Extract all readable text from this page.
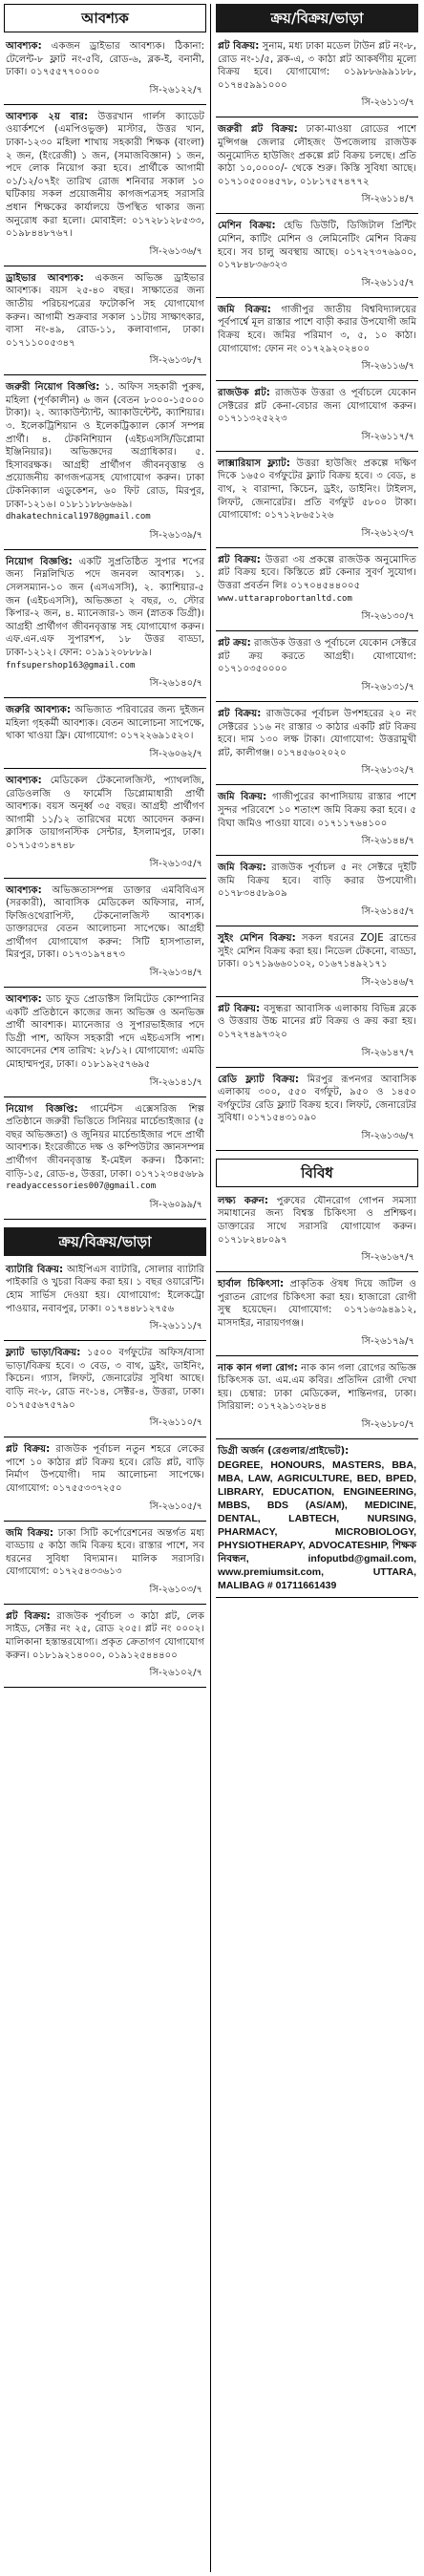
আবশ্যক
আবশ্যক: একজন ড্রাইভার আবশ্যক। ঠিকানা: টেলেন্ট-৮ ফ্লাট নং-৫বি, রোড-৬, ব্লক-ই, বনানী, ঢাকা। ০১৭৫৫৭৭০০০০
সি-২৬১২২/৭
আবশ্যক ২য় বার: উত্তরখান গার্লস ক্যাডেট ওয়ার্কশপে (এমপিওভুক্ত) মাস্টার, উত্তর খান, ঢাকা-১২৩০ মহিলা শাখায় সহকারী শিক্ষক (বাংলা) ২ জন, (ইংরেজী) ১ জন, (সমাজবিজ্ঞান) ১ জন, পদে লোক নিয়োগ করা হবে। প্রার্থীকে আগামী ০১/১২/০৭ইং তারিখ রোজ শনিবার সকাল ১০ ঘটিকায় সকল প্রয়োজনীয় কাগজপত্রসহ সরাসরি প্রধান শিক্ষকের কার্যালয়ে উপস্থিত থাকার জন্য অনুরোধ করা হলো। মোবাইল: ০১৭২৮১২৮৫৩৩, ০১৯৮৪৪৮৭৬৭।
সি-২৬১৩৬/৭
ড্রাইভার আবশ্যক: একজন অভিজ্ঞ ড্রাইভার আবশ্যক। বয়স ২৫-৪০ বছর। সাক্ষাতের জন্য জাতীয় পরিচয়পত্রের ফটোকপি সহ যোগাযোগ করুন। আগামী শুক্রবার সকাল ১১টায় সাক্ষাৎকার, বাসা নং-৪৯, রোড-১১, কলাবাগান, ঢাকা। ০১৭১১০০৫৩৪৭
সি-২৬১৩৮/৭
জরুরী নিয়োগ বিজ্ঞপ্তি: ১. অফিস সহকারী পুরুষ, মহিলা (পূর্ণকালীন) ৬ জন (বেতন ৮০০০-১৫০০০ টাকা)। ২. অ্যাকাউন্ট্যান্ট, অ্যাকাউন্টেন্ট, ক্যাশিয়ার। ৩. ইলেকট্রিশিয়ান ও ইলেকট্রিক্যাল কোর্স সম্পন্ন প্রার্থী। ৪. টেকনিশিয়ান (এইচএসসি/ডিপ্লোমা ইঞ্জিনিয়ার)। অভিজ্ঞদের অগ্রাধিকার। ৫. হিসাবরক্ষক। আগ্রহী প্রার্থীগণ জীবনবৃত্তান্ত ও প্রয়োজনীয় কাগজপত্রসহ যোগাযোগ করুন। ঢাকা টেকনিক্যাল এডুকেশন, ৬০ ফিট রোড, মিরপুর, ঢাকা-১২১৬। ০১৮১১৮৮৬৬৬৯।
dhakatechnical1978@gmail.com
সি-২৬১৩৯/৭
নিয়োগ বিজ্ঞপ্তি: একটি সুপ্রতিষ্ঠিত সুপার শপের জন্য নিম্নলিখিত পদে জনবল আবশ্যক। ১. সেলসম্যান-১০ জন (এসএসসি), ২. ক্যাশিয়ার-৫ জন (এইচএসসি), অভিজ্ঞতা ২ বছর, ৩. স্টোর কিপার-২ জন, ৪. ম্যানেজার-১ জন (স্নাতক ডিগ্রী)। আগ্রহী প্রার্থীগণ জীবনবৃত্তান্ত সহ যোগাযোগ করুন। এফ.এন.এফ সুপারশপ, ১৮ উত্তর বাড্ডা, ঢাকা-১২১২। ফোন: ০১৯১২০৮৮৮৯।
fnfsupershop163@gmail.com
সি-২৬১৪০/৭
জরুরি আবশ্যক: অভিজাত পরিবারের জন্য দুইজন মহিলা গৃহকর্মী আবশ্যক। বেতন আলোচনা সাপেক্ষে, থাকা খাওয়া ফ্রি। যোগাযোগ: ০১৭২২৬৯১৫২০।
সি-২৬০৬২/৭
আবশ্যক: মেডিকেল টেকনোলজিস্ট, প্যাথলজি, রেডিওলজি ও ফার্মেসি ডিপ্লোমাধারী প্রার্থী আবশ্যক। বয়স অনূর্ধ্ব ৩৫ বছর। আগ্রহী প্রার্থীগণ আগামী ১১/১২ তারিখের মধ্যে আবেদন করুন। ক্লাসিক ডায়াগনস্টিক সেন্টার, ইসলামপুর, ঢাকা। ০১৭১৫৩১৪৭৪৮
সি-২৬১৩৫/৭
আবশ্যক: অভিজ্ঞতাসম্পন্ন ডাক্তার এমবিবিএস (সরকারী), আবাসিক মেডিকেল অফিসার, নার্স, ফিজিওথেরাপিস্ট, টেকনোলজিস্ট আবশ্যক। ডাক্তারদের বেতন আলোচনা সাপেক্ষে। আগ্রহী প্রার্থীগণ যোগাযোগ করুন: সিটি হাসপাতাল, মিরপুর, ঢাকা। ০১৭৩১৯৭৪৭৩
সি-২৬১৩৪/৭
আবশ্যক: ডাচ ফুড প্রোডাক্টস লিমিটেড কোম্পানির একটি প্রতিষ্ঠানে কাজের জন্য অভিজ্ঞ ও অনভিজ্ঞ প্রার্থী আবশ্যক। ম্যানেজার ও সুপারভাইজার পদে ডিগ্রী পাশ, অফিস সহকারী পদে এইচএসসি পাশ। আবেদনের শেষ তারিখ: ২৮/১২। যোগাযোগ: এমডি মোহাম্মদপুর, ঢাকা। ০১৮১৯২৫৭৬৯৫
সি-২৬১৪১/৭
নিয়োগ বিজ্ঞপ্তি: গার্মেন্টস এক্সেসরিজ শিল্প প্রতিষ্ঠানে জরুরী ভিত্তিতে সিনিয়র মার্চেন্ডাইজার (৫ বছর অভিজ্ঞতা) ও জুনিয়র মার্চেন্ডাইজার পদে প্রার্থী আবশ্যক। ইংরেজীতে দক্ষ ও কম্পিউটার জ্ঞানসম্পন্ন প্রার্থীগণ জীবনবৃত্তান্ত ই-মেইল করুন। ঠিকানা: বাড়ি-১৫, রোড-৪, উত্তরা, ঢাকা। ০১৭১২৩৪৫৬৮৯
readyaccessories007@gmail.com
সি-২৬০৯৯/৭
ক্রয়/বিক্রয়/ভাড়া
ব্যাটারি বিক্রয়: আইপিএস ব্যাটারি, সোলার ব্যাটারি পাইকারি ও খুচরা বিক্রয় করা হয়। ১ বছর ওয়ারেন্টি। হোম সার্ভিস দেওয়া হয়। যোগাযোগ: ইলেকট্রো পাওয়ার, নবাবপুর, ঢাকা। ০১৭৪৪৮১২৭৫৬
সি-২৬১১১/৭
ফ্ল্যাট ভাড়া/বিক্রয়: ১৫০০ বর্গফুটের অফিস/বাসা ভাড়া/বিক্রয় হবে। ৩ বেড, ৩ বাথ, ড্রইং, ডাইনিং, কিচেন। গ্যাস, লিফট, জেনারেটর সুবিধা আছে। বাড়ি নং-৮, রোড নং-১৪, সেক্টর-৪, উত্তরা, ঢাকা। ০১৭৫৫৬৭৫৭৯০
সি-২৬১১০/৭
প্লট বিক্রয়: রাজউক পূর্বাচল নতুন শহরে লেকের পাশে ১০ কাঠার প্লট বিক্রয় হবে। রেডি প্লট, বাড়ি নির্মাণ উপযোগী। দাম আলোচনা সাপেক্ষে। যোগাযোগ: ০১৭৫৫৩৩৭২৫০
সি-২৬১০৫/৭
জমি বিক্রয়: ঢাকা সিটি কর্পোরেশনের অন্তর্গত মধ্য বাড্ডায় ৫ কাঠা জমি বিক্রয় হবে। রাস্তার পাশে, সব ধরনের সুবিধা বিদ্যমান। মালিক সরাসরি। যোগাযোগ: ০১৭২৫৪৩৩৬১৩
সি-২৬১০৩/৭
প্লট বিক্রয়: রাজউক পূর্বাচল ৩ কাঠা প্লট, লেক সাইড, সেক্টর নং ২৫, রোড ২০৫। প্লট নং ০০০২। মালিকানা হস্তান্তরযোগ্য। প্রকৃত ক্রেতাগণ যোগাযোগ করুন। ০১৮১৯২১৪০০০, ০১৯১২৫৪৪৪০০
সি-২৬১০২/৭
ক্রয়/বিক্রয়/ভাড়া
প্লট বিক্রয়: সুনাম, মধ্য ঢাকা মডেল টাউন প্লট নং-৮, রোড নং-১/৫, ব্লক-এ, ৩ কাঠা প্লট আকর্ষণীয় মূল্যে বিক্রয় হবে। যোগাযোগ: ০১৯৮৮৬৯৯১৮৮, ০১৭৪৫৯৯১০০০
সি-২৬১১৩/৭
জরুরী প্লট বিক্রয়: ঢাকা-মাওয়া রোডের পাশে মুন্সিগঞ্জ জেলার লৌহজং উপজেলায় রাজউক অনুমোদিত হাউজিং প্রকল্পে প্লট বিক্রয় চলছে। প্রতি কাঠা ১০,০০০০/- থেকে শুরু। কিস্তি সুবিধা আছে। ০১৭১০৫০০৪৫৭৮, ০১৮১৭৫৭৪৭৭২
সি-২৬১১৪/৭
মেশিন বিক্রয়: হেভি ডিউটি, ডিজিটাল প্রিন্টিং মেশিন, কাটিং মেশিন ও লেমিনেটিং মেশিন বিক্রয় হবে। সব চালু অবস্থায় আছে। ০১৭২৭৩৭৬৯০০, ০১৭৮৪৮৩৬৩২৩
সি-২৬১১৫/৭
জমি বিক্রয়: গাজীপুর জাতীয় বিশ্ববিদ্যালয়ের পূর্বপার্শ্বে মূল রাস্তার পাশে বাড়ী করার উপযোগী জমি বিক্রয় হবে। জমির পরিমাণ ৩, ৫, ১০ কাঠা। যোগাযোগ: ফোন নং ০১৭২৯২০২৪০০
সি-২৬১১৬/৭
রাজউক প্লট: রাজউক উত্তরা ও পূর্বাচলে যেকোন সেক্টরের প্লট কেনা-বেচার জন্য যোগাযোগ করুন। ০১৭১১৩২৫২২৩
সি-২৬১১৭/৭
লাক্সারিয়াস ফ্ল্যাট: উত্তরা হাউজিং প্রকল্পে দক্ষিণ দিকে ১৬৫০ বর্গফুটের ফ্ল্যাট বিক্রয় হবে। ৩ বেড, ৪ বাথ, ২ বারান্দা, কিচেন, ড্রইং, ডাইনিং। টাইলস, লিফট, জেনারেটর। প্রতি বর্গফুট ৫৮০০ টাকা। যোগাযোগ: ০১৭১২৮৬৫১২৬
সি-২৬১২৩/৭
প্লট বিক্রয়: উত্তরা ৩য় প্রকল্পে রাজউক অনুমোদিত প্লট বিক্রয় হবে। কিস্তিতে প্লট কেনার সুবর্ণ সুযোগ। উত্তরা প্রবর্তন লিঃ ০১৭০৪৫৪৪০০৫
www.uttaraprobortanltd.com
সি-২৬১৩০/৭
প্লট ক্রয়: রাজউক উত্তরা ও পূর্বাচলে যেকোন সেক্টরে প্লট ক্রয় করতে আগ্রহী। যোগাযোগ: ০১৭১০৩৫০০০০
সি-২৬১৩১/৭
প্লট বিক্রয়: রাজউকের পূর্বাচল উপশহরের ২০ নং সেক্টরের ১১৬ নং রাস্তার ৩ কাঠার একটি প্লট বিক্রয় হবে। দাম ১৩০ লক্ষ টাকা। যোগাযোগ: উত্তরামুখী প্লট, কালীগঞ্জ। ০১৭৪৫৬০২০২০
সি-২৬১৩২/৭
জমি বিক্রয়: গাজীপুরের কাপাসিয়ায় রাস্তার পাশে সুন্দর পরিবেশে ১০ শতাংশ জমি বিক্রয় করা হবে। ৫ বিঘা জমিও পাওয়া যাবে। ০১৭১১৭৬৪১০০
সি-২৬১৪৪/৭
জমি বিক্রয়: রাজউক পূর্বাচল ৫ নং সেক্টরে দুইটি জমি বিক্রয় হবে। বাড়ি করার উপযোগী। ০১৭৮৩৪৫৮৯০৯
সি-২৬১৪৫/৭
সুইং মেশিন বিক্রয়: সকল ধরনের ZOJE ব্রান্ডের সুইং মেশিন বিক্রয় করা হয়। নিডেল টেকনো, বাড্ডা, ঢাকা। ০১৭১৯৬৬০১০২, ০১৬৭১৪৯২১৭১
সি-২৬১৪৬/৭
প্লট বিক্রয়: বসুন্ধরা আবাসিক এলাকায় বিভিন্ন ব্লকে ও উত্তরায় উচ্চ মানের প্লট বিক্রয় ও ক্রয় করা হয়। ০১৭২৭৪৯৭৩২০
সি-২৬১৪৭/৭
রেডি ফ্ল্যাট বিক্রয়: মিরপুর রূপনগর আবাসিক এলাকায় ৩০০, ৫৫০ বর্গফুট, ৯৫০ ও ১৪৫০ বর্গফুটের রেডি ফ্ল্যাট বিক্রয় হবে। লিফট, জেনারেটর সুবিধা। ০১৭১৫৪৩১০৯০
সি-২৬১৩৬/৭
বিবিধ
লক্ষ্য করুন: পুরুষের যৌনরোগ গোপন সমস্যা সমাধানের জন্য বিশ্বস্ত চিকিৎসা ও প্রশিক্ষণ। ডাক্তারের সাথে সরাসরি যোগাযোগ করুন। ০১৭১৮২৪৮০৯৭
সি-২৬১৬৭/৭
হার্বাল চিকিৎসা: প্রাকৃতিক ঔষধ দিয়ে জটিল ও পুরাতন রোগের চিকিৎসা করা হয়। হাজারো রোগী সুস্থ হয়েছেন। যোগাযোগ: ০১৭১৬৩৯৪৯১২, মাসদাইর, নারায়ণগঞ্জ।
সি-২৬১৭৯/৭
নাক কান গলা রোগ: নাক কান গলা রোগের অভিজ্ঞ চিকিৎসক ডা. এম.এম কবির। প্রতিদিন রোগী দেখা হয়। চেম্বার: ঢাকা মেডিকেল, শান্তিনগর, ঢাকা। সিরিয়াল: ০১৭২৯১৩২৮৪৪
সি-২৬১৮০/৭
ডিগ্রী অর্জন (রেগুলার/প্রাইভেট):
DEGREE, HONOURS, MASTERS, BBA, MBA, LAW, AGRICULTURE, BED, BPED, LIBRARY, EDUCATION, ENGINEERING, MBBS, BDS (AS/AM), MEDICINE, DENTAL, LABTECH, NURSING, PHARMACY, MICROBIOLOGY, PHYSIOTHERAPY, ADVOCATESHIP, শিক্ষক নিবন্ধন, infoputbd@gmail.com, www.premiumsit.com, UTTARA, MALIBAG # 01711661439
